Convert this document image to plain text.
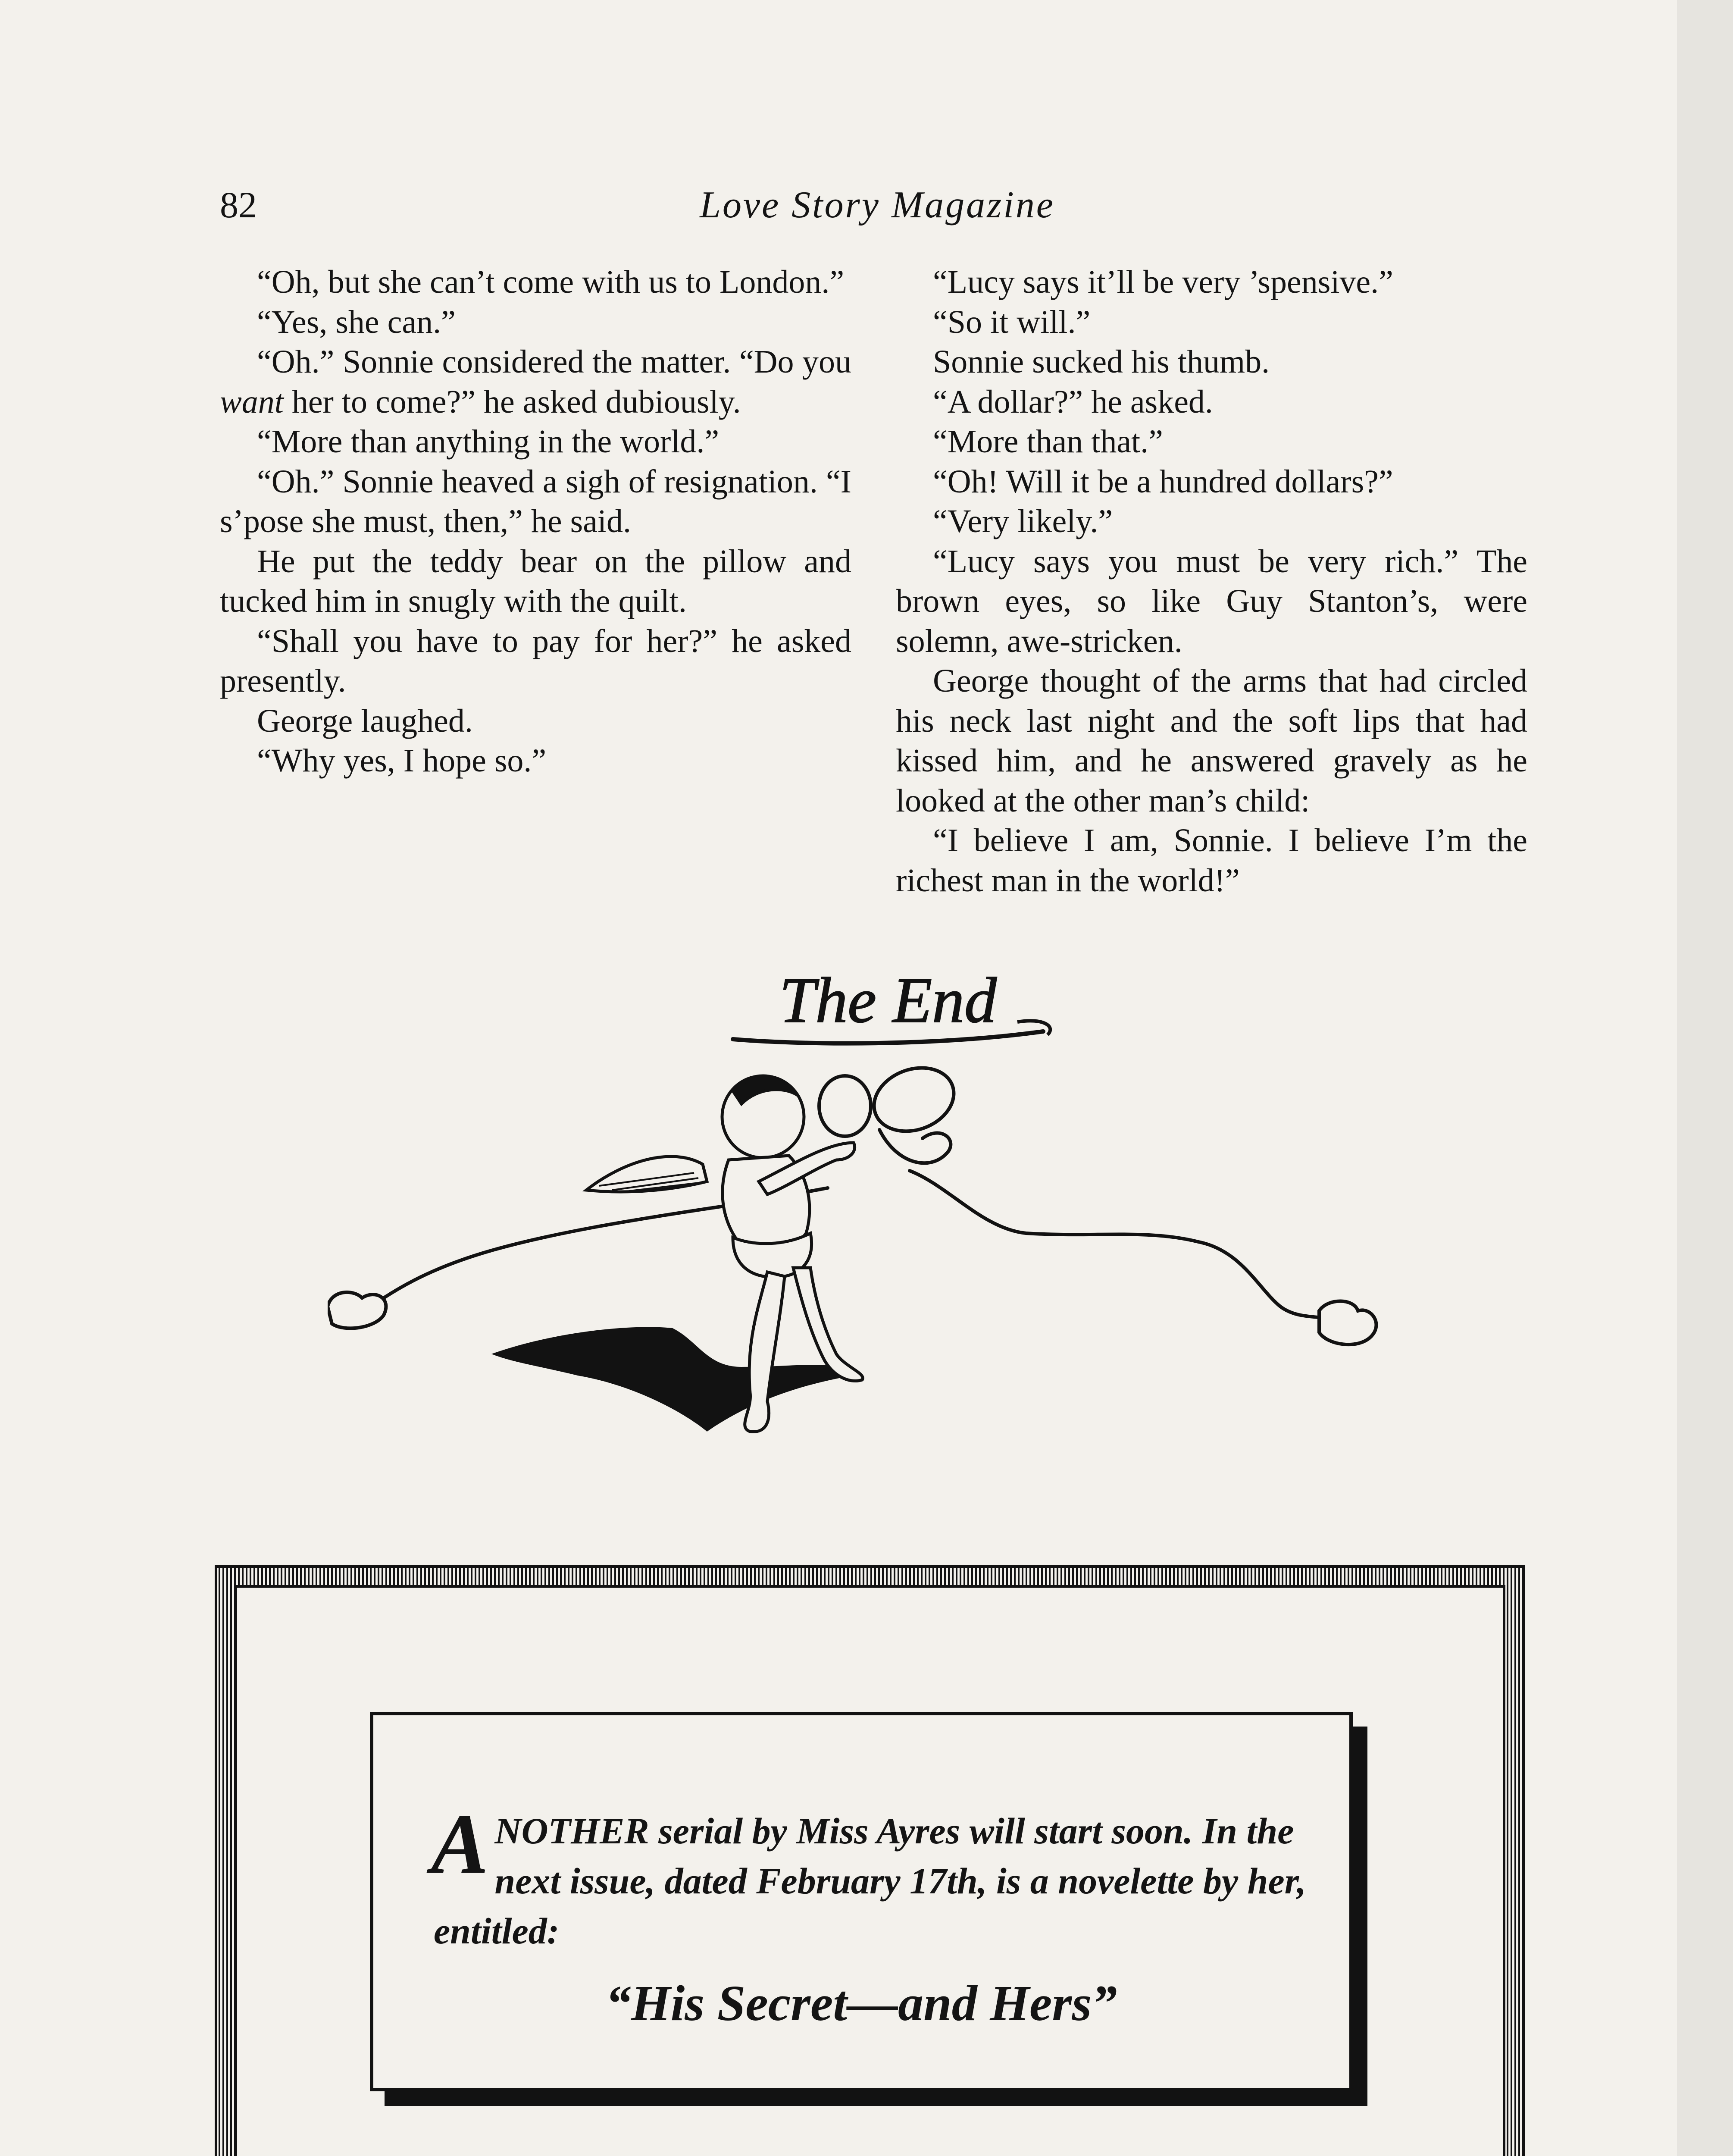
82	Love Story Magazine

“Oh, but she can’t come with us to London.”

“Yes, she can.”

“Oh.” Sonnie considered the matter. “Do you want her to come?” he asked dubiously.

“More than anything in the world.”

“Oh.” Sonnie heaved a sigh of resignation. “I s’pose she must, then,” he said.

He put the teddy bear on the pillow and tucked him in snugly with the quilt.

“Shall you have to pay for her?” he asked presently.

George laughed.

“Why yes, I hope so.”

“Lucy says it’ll be very ’spensive.”

“So it will.”

Sonnie sucked his thumb.

“A dollar?” he asked.

“More than that.”

“Oh! Will it be a hundred dollars?”

“Very likely.”

“Lucy says you must be very rich.” The brown eyes, so like Guy Stanton’s, were solemn, awe-stricken.

George thought of the arms that had circled his neck last night and the soft lips that had kissed him, and he answered gravely as he looked at the other man’s child:

“I believe I am, Sonnie. I believe I’m the richest man in the world!”

The End
A NOTHER serial by Miss Ayres will start soon. In the next issue, dated February 17th, is a novelette by her, entitled:
“His Secret—and Hers”
